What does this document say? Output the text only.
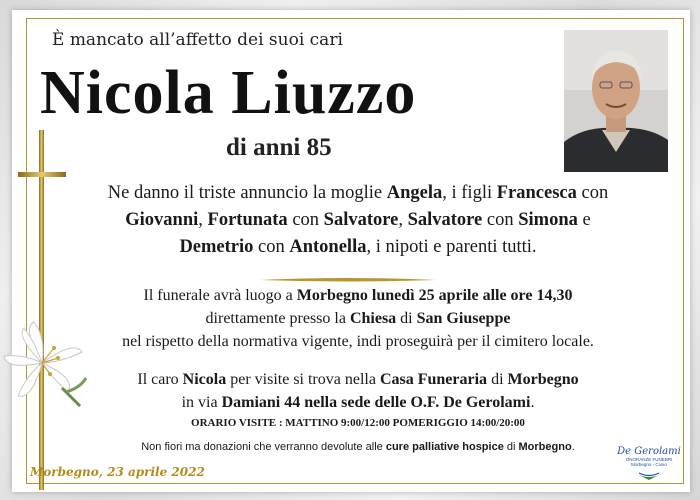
È mancato all’affetto dei suoi cari
Nicola Liuzzo
di anni 85
Ne danno il triste annuncio la moglie Angela, i figli Francesca con
Giovanni, Fortunata con Salvatore, Salvatore con Simona e
Demetrio con Antonella, i nipoti e parenti tutti.
Il funerale avrà luogo a Morbegno lunedì 25 aprile alle ore 14,30
direttamente presso la Chiesa di San Giuseppe
nel rispetto della normativa vigente, indi proseguirà per il cimitero locale.
Il caro Nicola per visite si trova nella Casa Funeraria di Morbegno
in via Damiani 44 nella sede delle O.F. De Gerolami.
ORARIO VISITE : MATTINO 9:00/12:00 POMERIGGIO 14:00/20:00
Non fiori ma donazioni che verranno devolute alle cure palliative hospice di Morbegno.
Morbegno, 23 aprile 2022
De Gerolami
ONORANZE FUNEBRI
Morbegno - Cosio
